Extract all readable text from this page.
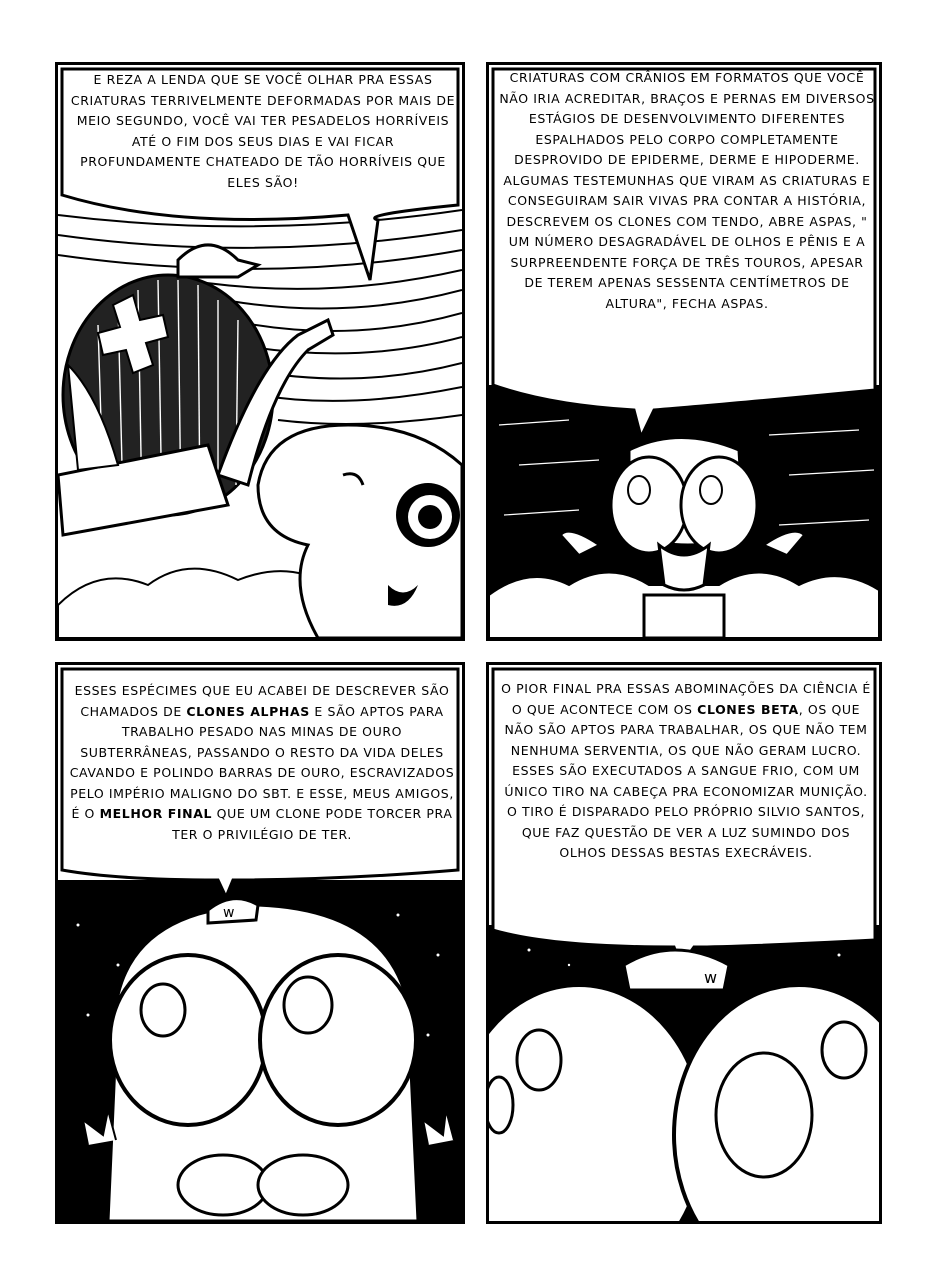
E REZA A LENDA QUE SE VOCÊ OLHAR PRA ESSAS CRIATURAS TERRIVELMENTE DEFORMADAS POR MAIS DE MEIO SEGUNDO, VOCÊ VAI TER PESADELOS HORRÍVEIS ATÉ O FIM DOS SEUS DIAS E VAI FICAR PROFUNDAMENTE CHATEADO DE TÃO HORRÍVEIS QUE ELES SÃO!

CRIATURAS COM CRÂNIOS EM FORMATOS QUE VOCÊ NÃO IRIA ACREDITAR, BRAÇOS E PERNAS EM DIVERSOS ESTÁGIOS DE DESENVOLVIMENTO DIFERENTES ESPALHADOS PELO CORPO COMPLETAMENTE DESPROVIDO DE EPIDERME, DERME E HIPODERME. ALGUMAS TESTEMUNHAS QUE VIRAM AS CRIATURAS E CONSEGUIRAM SAIR VIVAS PRA CONTAR A HISTÓRIA, DESCREVEM OS CLONES COM TENDO, ABRE ASPAS, " UM NÚMERO DESAGRADÁVEL DE OLHOS E PÊNIS E A SURPREENDENTE FORÇA DE TRÊS TOUROS, APESAR DE TEREM APENAS SESSENTA CENTÍMETROS DE ALTURA", FECHA ASPAS.

w

ESSES ESPÉCIMES QUE EU ACABEI DE DESCREVER SÃO CHAMADOS DE CLONES ALPHAS E SÃO APTOS PARA TRABALHO PESADO NAS MINAS DE OURO SUBTERRÂNEAS, PASSANDO O RESTO DA VIDA DELES CAVANDO E POLINDO BARRAS DE OURO, ESCRAVIZADOS PELO IMPÉRIO MALIGNO DO SBT. E ESSE, MEUS AMIGOS, É O MELHOR FINAL QUE UM CLONE PODE TORCER PRA TER O PRIVILÉGIO DE TER.

w

O PIOR FINAL PRA ESSAS ABOMINAÇÕES DA CIÊNCIA É O QUE ACONTECE COM OS CLONES BETA, OS QUE NÃO SÃO APTOS PARA TRABALHAR, OS QUE NÃO TEM NENHUMA SERVENTIA, OS QUE NÃO GERAM LUCRO. ESSES SÃO EXECUTADOS A SANGUE FRIO, COM UM ÚNICO TIRO NA CABEÇA PRA ECONOMIZAR MUNIÇÃO. O TIRO É DISPARADO PELO PRÓPRIO SILVIO SANTOS, QUE FAZ QUESTÃO DE VER A LUZ SUMINDO DOS OLHOS DESSAS BESTAS EXECRÁVEIS.
